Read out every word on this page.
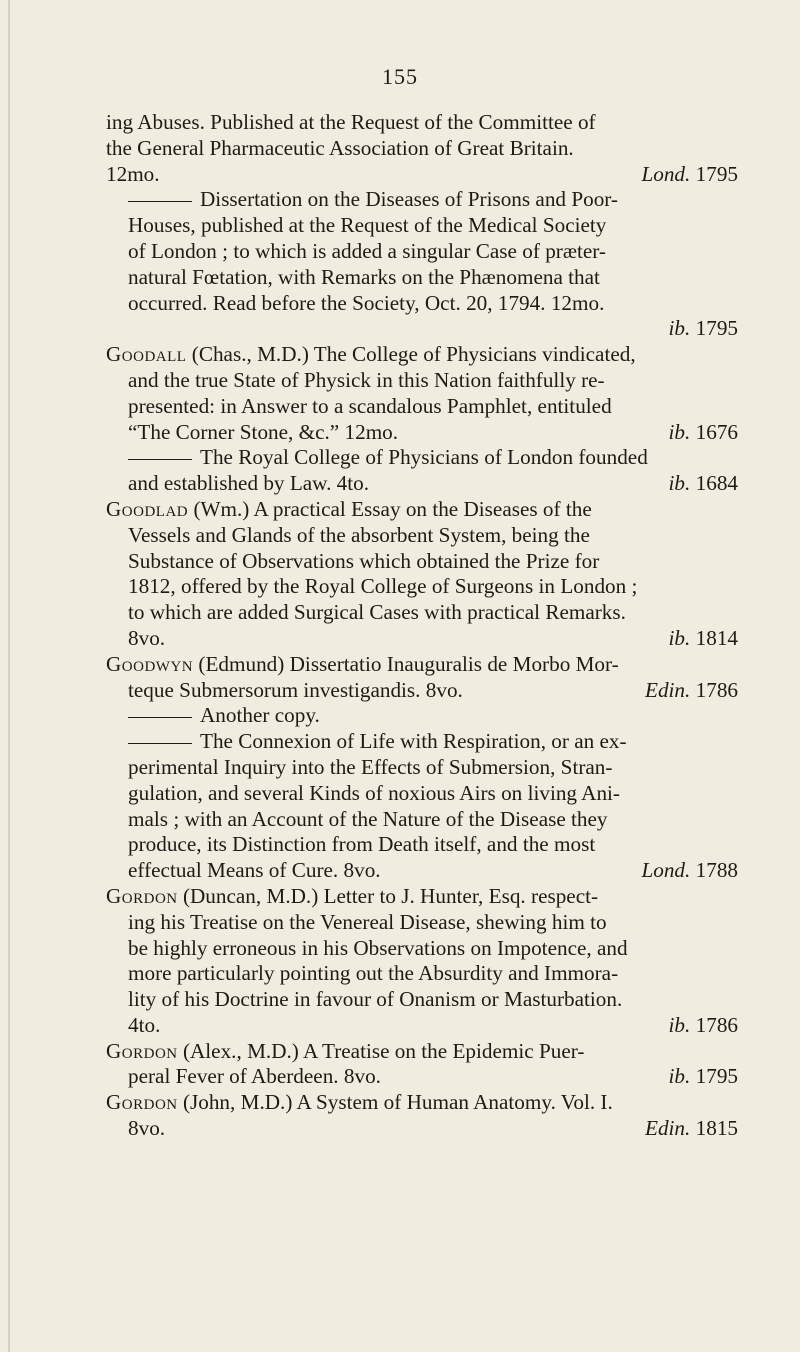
155
ing Abuses. Published at the Request of the Committee of
the General Pharmaceutic Association of Great Britain.
12mo.	Lond. 1795
Dissertation on the Diseases of Prisons and Poor-
Houses, published at the Request of the Medical Society
of London ; to which is added a singular Case of præter-
natural Fœtation, with Remarks on the Phænomena that
occurred. Read before the Society, Oct. 20, 1794. 12mo.
ib. 1795
Goodall (Chas., M.D.) The College of Physicians vindicated,
and the true State of Physick in this Nation faithfully re-
presented: in Answer to a scandalous Pamphlet, entituled
“The Corner Stone, &c.” 12mo.	ib. 1676
The Royal College of Physicians of London founded
and established by Law. 4to.	ib. 1684
Goodlad (Wm.) A practical Essay on the Diseases of the
Vessels and Glands of the absorbent System, being the
Substance of Observations which obtained the Prize for
1812, offered by the Royal College of Surgeons in London ;
to which are added Surgical Cases with practical Remarks.
8vo.	ib. 1814
Goodwyn (Edmund) Dissertatio Inauguralis de Morbo Mor-
teque Submersorum investigandis. 8vo.	Edin. 1786
Another copy.
The Connexion of Life with Respiration, or an ex-
perimental Inquiry into the Effects of Submersion, Stran-
gulation, and several Kinds of noxious Airs on living Ani-
mals ; with an Account of the Nature of the Disease they
produce, its Distinction from Death itself, and the most
effectual Means of Cure. 8vo.	Lond. 1788
Gordon (Duncan, M.D.) Letter to J. Hunter, Esq. respect-
ing his Treatise on the Venereal Disease, shewing him to
be highly erroneous in his Observations on Impotence, and
more particularly pointing out the Absurdity and Immora-
lity of his Doctrine in favour of Onanism or Masturbation.
4to.	ib. 1786
Gordon (Alex., M.D.) A Treatise on the Epidemic Puer-
peral Fever of Aberdeen. 8vo.	ib. 1795
Gordon (John, M.D.) A System of Human Anatomy. Vol. I.
8vo.	Edin. 1815
